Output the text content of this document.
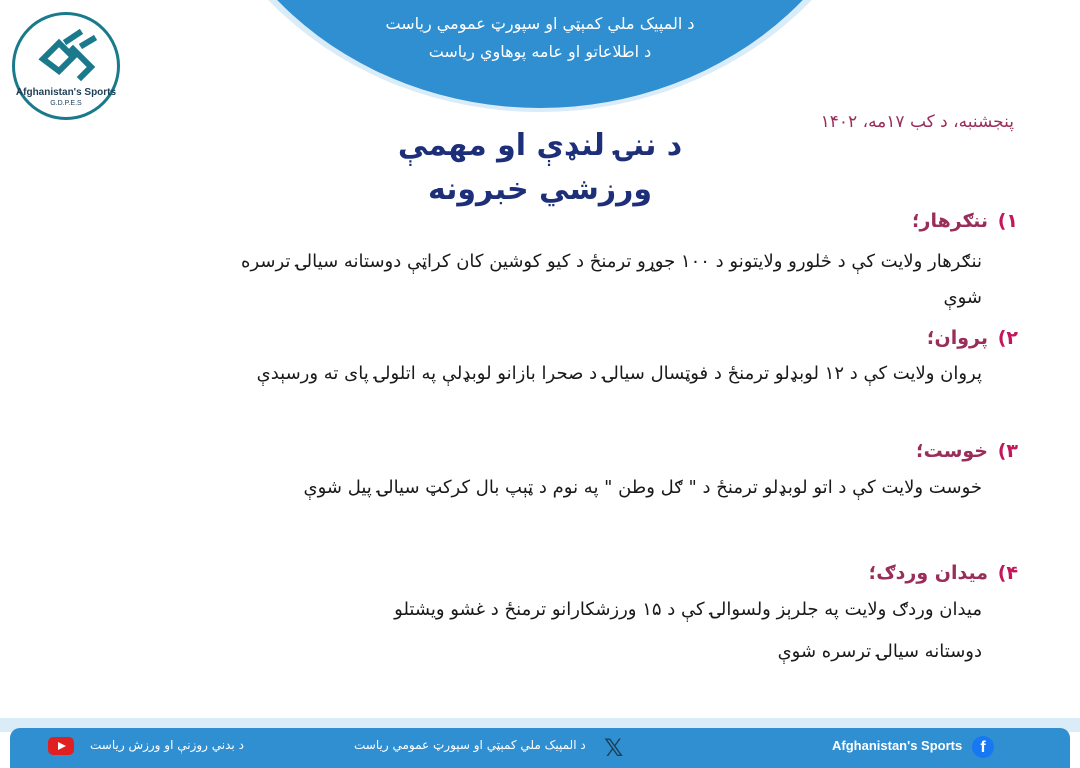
د المپيک ملي کمېټي او سپورټ عمومي رياست
د اطلاعاتو او عامه پوهاوي رياست
Afghanistan's Sports
G.D.P.E.S
پنجشنبه، د کب ۱۷مه، ۱۴۰۲
د ننۍ لنډې او مهمې
ورزشي خبرونه
(۱
ننګرهار؛
ننګرهار ولایت کې د څلورو ولایتونو د ۱۰۰ جوړو ترمنځ د کیو کوشین کان کراټې دوستانه سیالۍ ترسره
شوې
(۲
پروان؛
پروان ولایت کې د ۱۲ لوبډلو ترمنځ د فوټسال سیالۍ د صحرا بازانو لوبډلې په اتلولۍ پای ته ورسېدې
(۳
خوست؛
خوست ولایت کې د اتو لوبډلو ترمنځ د " ګل وطن " په نوم د ټېپ بال کرکټ سیالۍ پیل شوې
(۴
میدان وردګ؛
میدان وردګ ولایت په جلرېز ولسوالۍ کې د ۱۵ ورزشکارانو ترمنځ د غشو ویشتلو
دوستانه سیالۍ ترسره شوې
د بدني روزنې او ورزش رياست	د المپيک ملي کمېټي او سپورټ عمومي رياست 𝕏	Afghanistan's Sports	f
